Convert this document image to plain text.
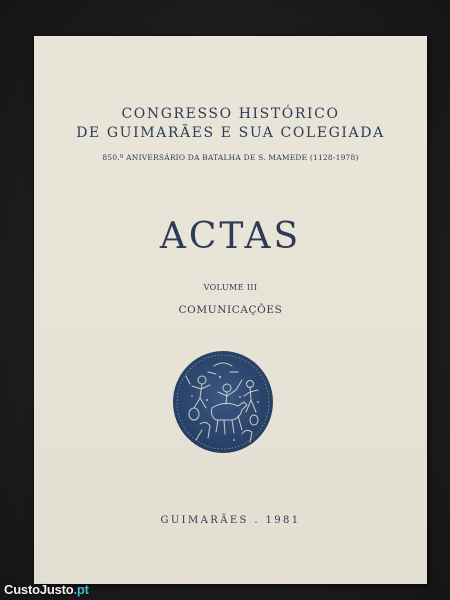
CONGRESSO HISTÓRICO
DE GUIMARÃES E SUA COLEGIADA
850.º ANIVERSÁRIO DA BATALHA DE S. MAMEDE (1128-1978)
ACTAS
VOLUME III
COMUNICAÇÕES
GUIMARÃES . 1981
CustoJusto.pt
